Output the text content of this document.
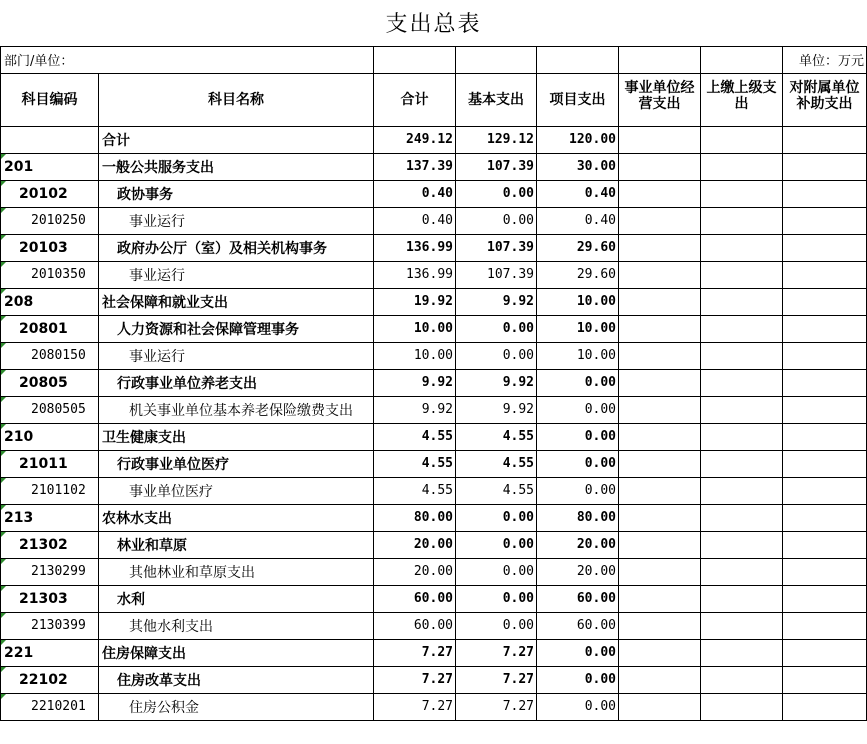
支出总表							
部门/单位：							单位：万元
科目编码	科目名称	合计	基本支出	项目支出	事业单位经营支出	上缴上级支出	对附属单位补助支出
	合计	249.12	129.12	120.00			

201	一般公共服务支出	137.39	107.39	30.00			

20102	政协事务	0.40	0.00	0.40			

2010250	事业运行	0.40	0.00	0.40			

20103	政府办公厅（室）及相关机构事务	136.99	107.39	29.60			

2010350	事业运行	136.99	107.39	29.60			

208	社会保障和就业支出	19.92	9.92	10.00			

20801	人力资源和社会保障管理事务	10.00	0.00	10.00			

2080150	事业运行	10.00	0.00	10.00			

20805	行政事业单位养老支出	9.92	9.92	0.00			

2080505	机关事业单位基本养老保险缴费支出	9.92	9.92	0.00			

210	卫生健康支出	4.55	4.55	0.00			

21011	行政事业单位医疗	4.55	4.55	0.00			

2101102	事业单位医疗	4.55	4.55	0.00			

213	农林水支出	80.00	0.00	80.00			

21302	林业和草原	20.00	0.00	20.00			

2130299	其他林业和草原支出	20.00	0.00	20.00			

21303	水利	60.00	0.00	60.00			

2130399	其他水利支出	60.00	0.00	60.00			

221	住房保障支出	7.27	7.27	0.00			

22102	住房改革支出	7.27	7.27	0.00			

2210201	住房公积金	7.27	7.27	0.00			
